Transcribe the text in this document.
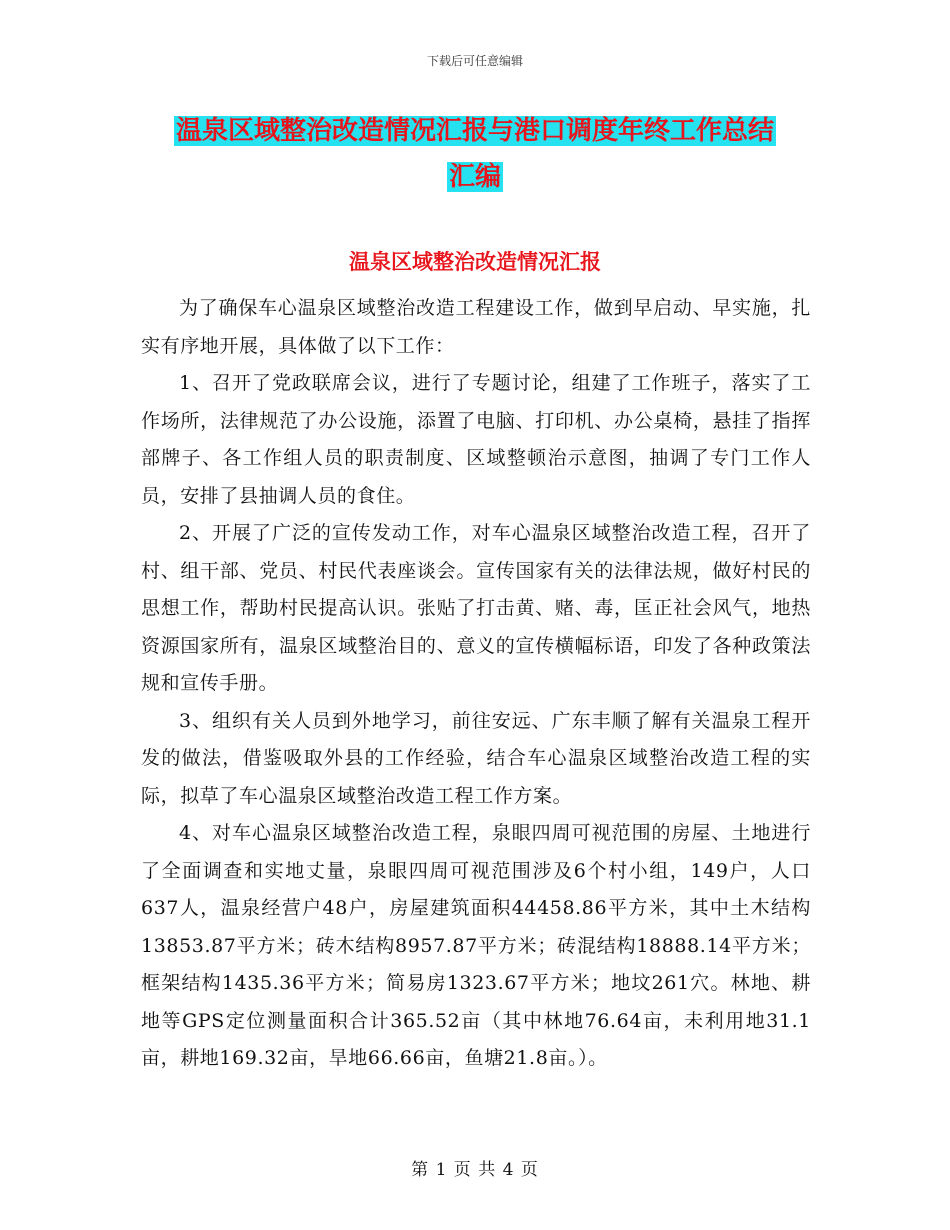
下载后可任意编辑
温泉区域整治改造情况汇报与港口调度年终工作总结
汇编
温泉区域整治改造情况汇报

为了确保车心温泉区域整治改造工程建设工作，做到早启动、早实施，扎实有序地开展，具体做了以下工作：

1、召开了党政联席会议，进行了专题讨论，组建了工作班子，落实了工作场所，法律规范了办公设施，添置了电脑、打印机、办公桌椅，悬挂了指挥部牌子、各工作组人员的职责制度、区域整顿治示意图，抽调了专门工作人员，安排了县抽调人员的食住。

2、开展了广泛的宣传发动工作，对车心温泉区域整治改造工程，召开了村、组干部、党员、村民代表座谈会。宣传国家有关的法律法规，做好村民的思想工作，帮助村民提高认识。张贴了打击黄、赌、毒，匡正社会风气，地热资源国家所有，温泉区域整治目的、意义的宣传横幅标语，印发了各种政策法规和宣传手册。

3、组织有关人员到外地学习，前往安远、广东丰顺了解有关温泉工程开发的做法，借鉴吸取外县的工作经验，结合车心温泉区域整治改造工程的实际，拟草了车心温泉区域整治改造工程工作方案。

4、对车心温泉区域整治改造工程，泉眼四周可视范围的房屋、土地进行了全面调查和实地丈量，泉眼四周可视范围涉及6个村小组，149户，人口637人，温泉经营户48户，房屋建筑面积44458.86平方米，其中土木结构13853.87平方米；砖木结构8957.87平方米；砖混结构18888.14平方米；框架结构1435.36平方米；简易房1323.67平方米；地坟261穴。林地、耕地等GPS定位测量面积合计365.52亩（其中林地76.64亩，未利用地31.1亩，耕地169.32亩，旱地66.66亩，鱼塘21.8亩。）。

第 1 页 共 4 页
